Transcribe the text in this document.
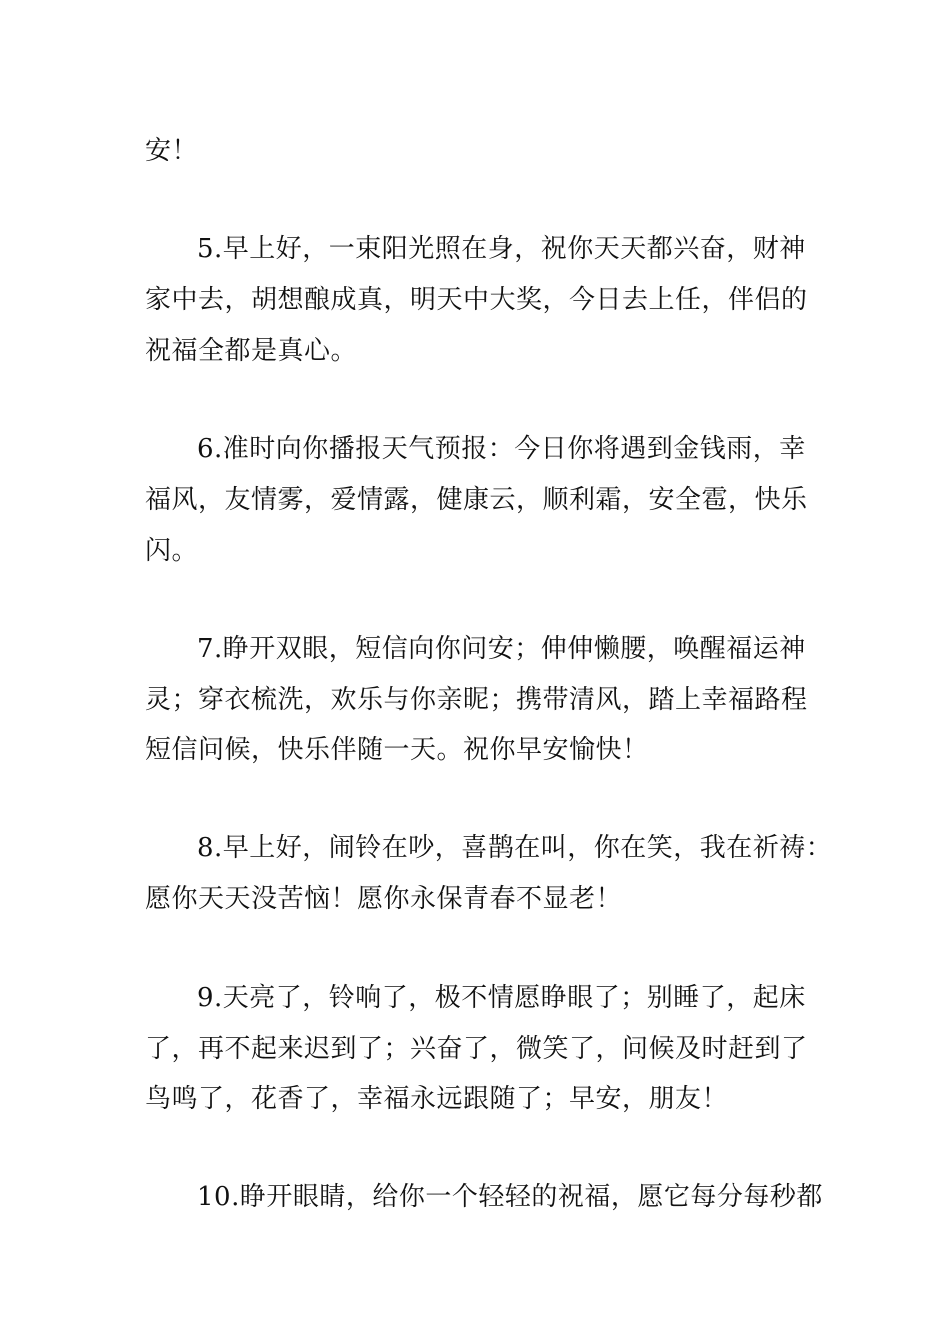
安！
5.早上好，一束阳光照在身，祝你天天都兴奋，财神
家中去，胡想酿成真，明天中大奖，今日去上任，伴侣的
祝福全都是真心。
6.准时向你播报天气预报：今日你将遇到金钱雨，幸
福风，友情雾，爱情露，健康云，顺利霜，安全雹，快乐
闪。
7.睁开双眼，短信向你问安；伸伸懒腰，唤醒福运神
灵；穿衣梳洗，欢乐与你亲昵；携带清风，踏上幸福路程
短信问候，快乐伴随一天。祝你早安愉快！
8.早上好，闹铃在吵，喜鹊在叫，你在笑，我在祈祷：
愿你天天没苦恼！愿你永保青春不显老！
9.天亮了，铃响了，极不情愿睁眼了；别睡了，起床
了，再不起来迟到了；兴奋了，微笑了，问候及时赶到了
鸟鸣了，花香了，幸福永远跟随了；早安，朋友！
10.睁开眼睛，给你一个轻轻的祝福，愿它每分每秒都
